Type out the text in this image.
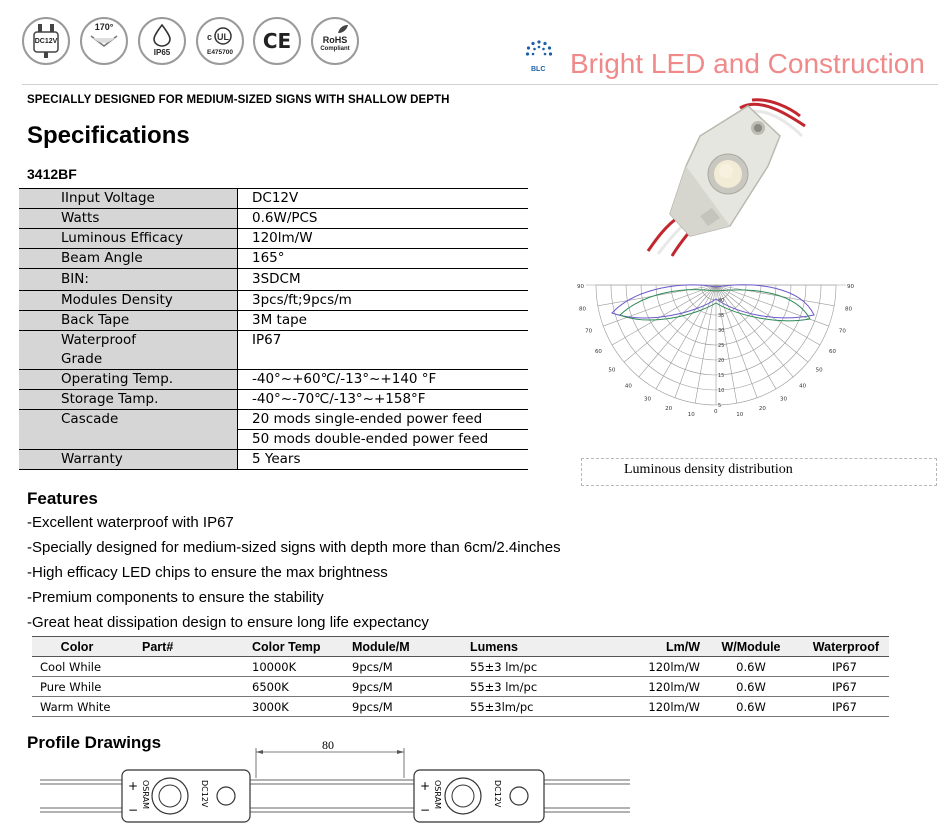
DC12V
170°
IP65
c UL
E475700 CE	RoHS
Compliant
BLC Bright LED and Construction
SPECIALLY DESIGNED FOR MEDIUM-SIZED SIGNS WITH SHALLOW DEPTH
Specifications
3412BF
IInput Voltage	DC12V
Watts	0.6W/PCS
Luminous Efficacy	120lm/W
Beam Angle	165°
BIN:	3SDCM
Modules Density	3pcs/ft;9pcs/m
Back Tape	3M tape

Waterproof
Grade	IP67
Operating Temp.	-40°~+60℃/-13°~+140 °F
Storage Tamp.	-40°~-70℃/-13°~+158°F
Cascade	20 mods single-ended power feed
	50 mods double-ended power feed
Warranty	5 Years
90	90
80	80
70	70
60	60
50	50
40	40
30	30
20	20
10	10
0
40
35
30
25
20
15
10
5
Luminous density distribution
Features
-Excellent waterproof with IP67
-Specially designed for medium-sized signs with depth more than 6cm/2.4inches
-High efficacy LED chips to ensure the max brightness
-Premium components to ensure the stability
-Great heat dissipation design to ensure long life expectancy
Color	Part#	Color Temp	Module/M	Lumens	Lm/W	W/Module	Waterproof
Cool While		10000K	9pcs/M	55±3 lm/pc	120lm/W	0.6W	IP67
Pure While		6500K	9pcs/M	55±3 lm/pc	120lm/W	0.6W	IP67
Warm White		3000K	9pcs/M	55±3lm/pc	120lm/W	0.6W	IP67
Profile Drawings	80
+
−
OSRAM	DC12V	+
−
OSRAM	DC12V
